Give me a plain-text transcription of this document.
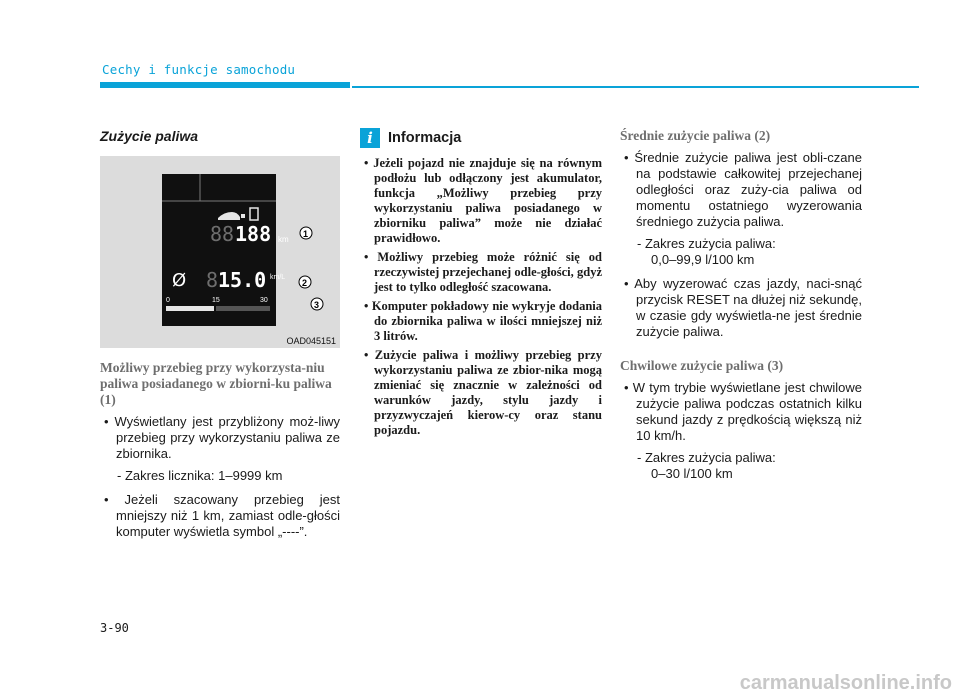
Cechy i funkcje samochodu
Zużycie paliwa
88 188 km
1
Ø 8 15.0 km/L
2
0	15	30	3
OAD045151
Możliwy przebieg przy wykorzysta-niu paliwa posiadanego w zbiorni-ku paliwa (1)
• Wyświetlany jest przybliżony moż-liwy przebieg przy wykorzystaniu paliwa ze zbiornika.
- Zakres licznika: 1–9999 km
• Jeżeli szacowany przebieg jest mniejszy niż 1 km, zamiast odle-głości komputer wyświetla symbol „----”.
i	Informacja
• Jeżeli pojazd nie znajduje się na równym podłożu lub odłączony jest akumulator, funkcja „Możliwy przebieg przy wykorzystaniu paliwa posiadanego w zbiorniku paliwa” może nie działać prawidłowo.
• Możliwy przebieg może różnić się od rzeczywistej przejechanej odle-głości, gdyż jest to tylko odległość szacowana.
• Komputer pokładowy nie wykryje dodania do zbiornika paliwa w ilości mniejszej niż 3 litrów.
• Zużycie paliwa i możliwy przebieg przy wykorzystaniu paliwa ze zbior-nika mogą zmieniać się znacznie w zależności od warunków jazdy, stylu jazdy i przyzwyczajeń kierow-cy oraz stanu pojazdu.
Średnie zużycie paliwa (2)
• Średnie zużycie paliwa jest obli-czane na podstawie całkowitej przejechanej odległości oraz zuży-cia paliwa od momentu ostatniego wyzerowania średniego zużycia paliwa.
- Zakres zużycia paliwa:
0,0–99,9 l/100 km
• Aby wyzerować czas jazdy, naci-snąć przycisk RESET na dłużej niż sekundę, w czasie gdy wyświetla-ne jest średnie zużycie paliwa.
Chwilowe zużycie paliwa (3)
• W tym trybie wyświetlane jest chwilowe zużycie paliwa podczas ostatnich kilku sekund jazdy z prędkością większą niż 10 km/h.
- Zakres zużycia paliwa:
0–30 l/100 km
3-90
carmanualsonline.info
